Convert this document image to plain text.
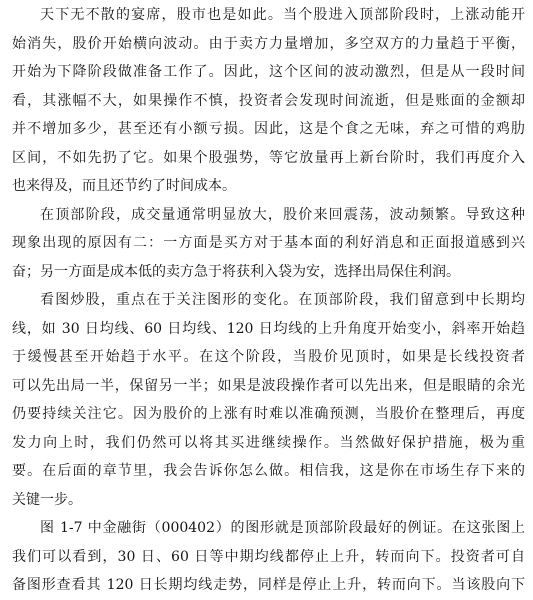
天下无不散的宴席，股市也是如此。当个股进入顶部阶段时，上涨动能开
始消失，股价开始横向波动。由于卖方力量增加，多空双方的力量趋于平衡，
开始为下降阶段做准备工作了。因此，这个区间的波动激烈，但是从一段时间
看，其涨幅不大，如果操作不慎，投资者会发现时间流逝，但是账面的金额却
并不增加多少，甚至还有小额亏损。因此，这是个食之无味，弃之可惜的鸡肋
区间，不如先扔了它。如果个股强势，等它放量再上新台阶时，我们再度介入
也来得及，而且还节约了时间成本。
在顶部阶段，成交量通常明显放大，股价来回震荡，波动频繁。导致这种
现象出现的原因有二：一方面是买方对于基本面的利好消息和正面报道感到兴
奋；另一方面是成本低的卖方急于将获利入袋为安，选择出局保住利润。
看图炒股，重点在于关注图形的变化。在顶部阶段，我们留意到中长期均
线，如 30 日均线、60 日均线、120 日均线的上升角度开始变小，斜率开始趋
于缓慢甚至开始趋于水平。在这个阶段，当股价见顶时，如果是长线投资者
可以先出局一半，保留另一半；如果是波段操作者可以先出来，但是眼睛的余光
仍要持续关注它。因为股价的上涨有时难以准确预测，当股价在整理后，再度
发力向上时，我们仍然可以将其买进继续操作。当然做好保护措施，极为重
要。在后面的章节里，我会告诉你怎么做。相信我，这是你在市场生存下来的
关键一步。
图 1-7 中金融街（000402）的图形就是顶部阶段最好的例证。在这张图上
我们可以看到，30 日、60 日等中期均线都停止上升，转而向下。投资者可自
备图形查看其 120 日长期均线走势，同样是停止上升，转而向下。当该股向下
